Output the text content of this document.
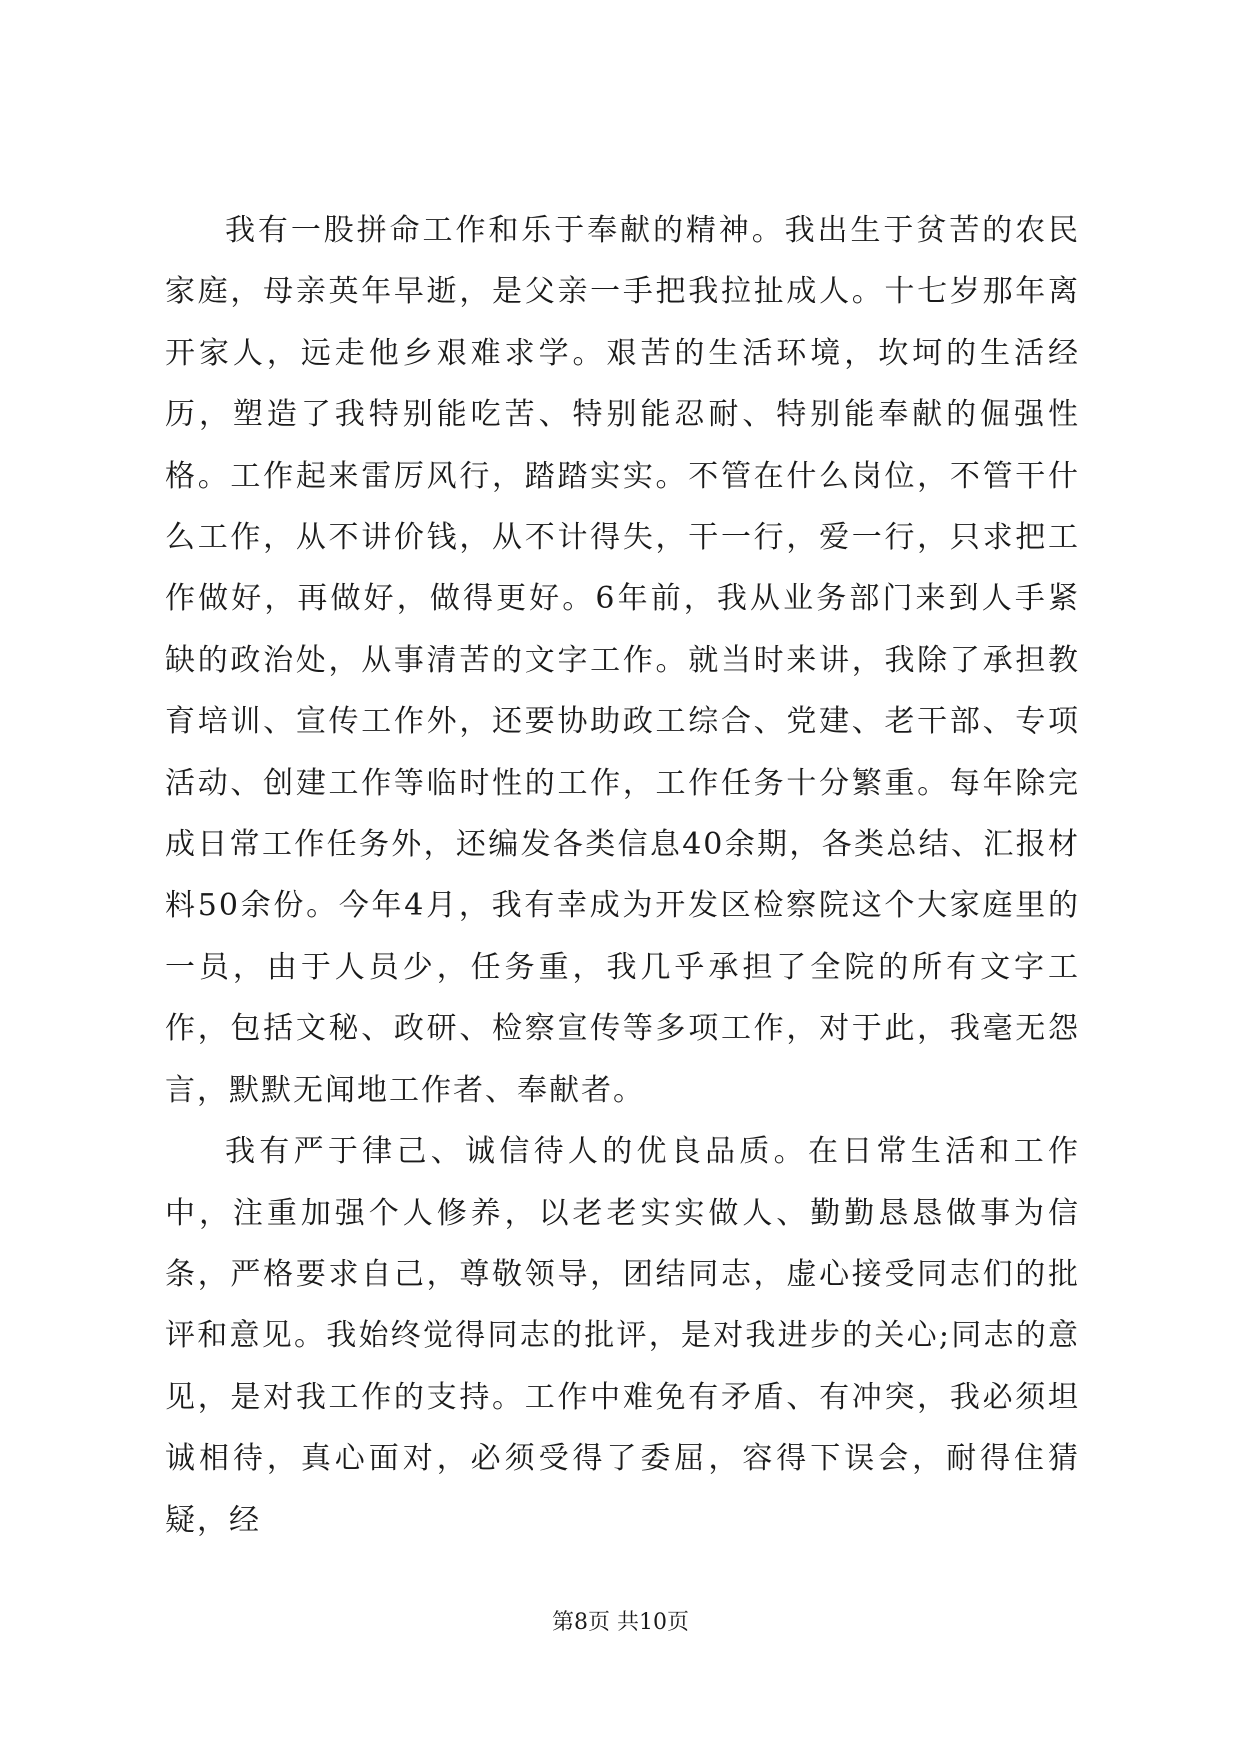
我有一股拼命工作和乐于奉献的精神。我出生于贫苦的农民家庭，母亲英年早逝，是父亲一手把我拉扯成人。十七岁那年离开家人，远走他乡艰难求学。艰苦的生活环境，坎坷的生活经历，塑造了我特别能吃苦、特别能忍耐、特别能奉献的倔强性格。工作起来雷厉风行，踏踏实实。不管在什么岗位，不管干什么工作，从不讲价钱，从不计得失，干一行，爱一行，只求把工作做好，再做好，做得更好。6年前，我从业务部门来到人手紧缺的政治处，从事清苦的文字工作。就当时来讲，我除了承担教育培训、宣传工作外，还要协助政工综合、党建、老干部、专项活动、创建工作等临时性的工作，工作任务十分繁重。每年除完成日常工作任务外，还编发各类信息40余期，各类总结、汇报材料50余份。今年4月，我有幸成为开发区检察院这个大家庭里的一员，由于人员少，任务重，我几乎承担了全院的所有文字工作，包括文秘、政研、检察宣传等多项工作，对于此，我毫无怨言，默默无闻地工作者、奉献者。

我有严于律己、诚信待人的优良品质。在日常生活和工作中，注重加强个人修养，以老老实实做人、勤勤恳恳做事为信条，严格要求自己，尊敬领导，团结同志，虚心接受同志们的批评和意见。我始终觉得同志的批评，是对我进步的关心;同志的意见，是对我工作的支持。工作中难免有矛盾、有冲突，我必须坦诚相待，真心面对，必须受得了委屈，容得下误会，耐得住猜疑，经

第8页 共10页
